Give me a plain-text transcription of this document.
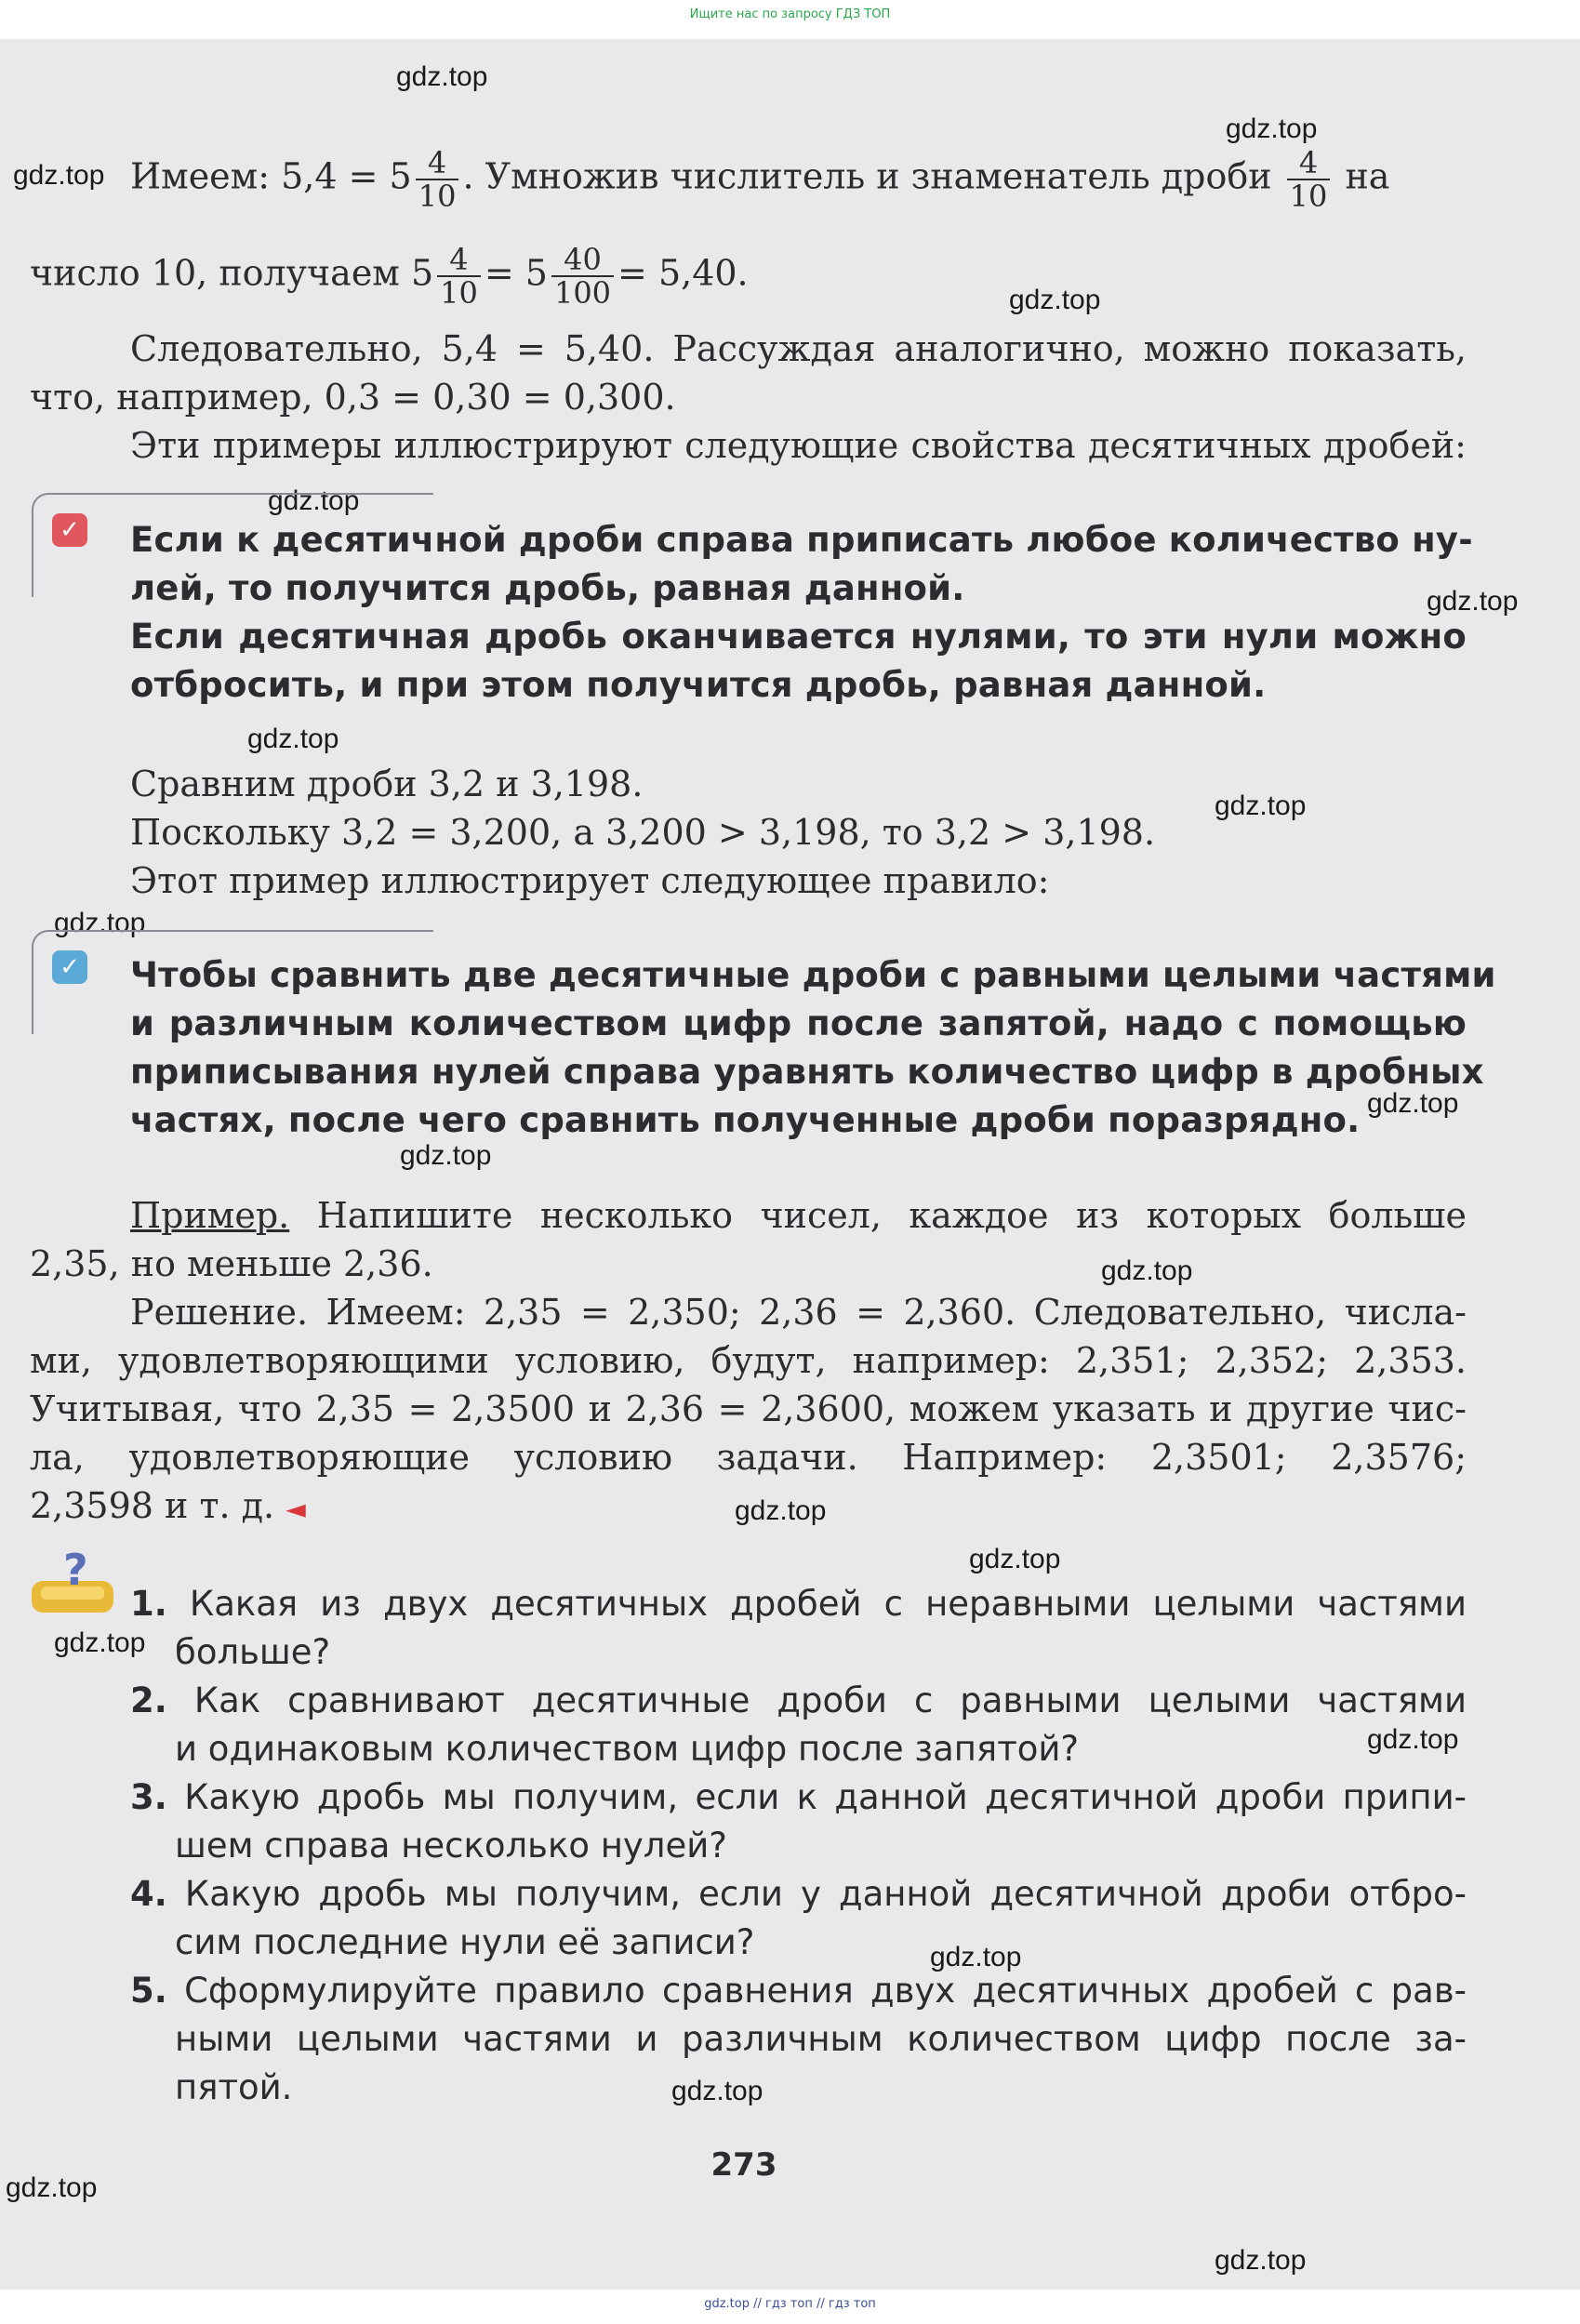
Ищите нас по запросу ГДЗ ТОП
gdz.top
gdz.top
gdz.top
gdz.top
gdz.top
gdz.top
gdz.top
gdz.top
gdz.top
gdz.top
gdz.top
gdz.top
gdz.top
gdz.top
gdz.top
gdz.top
gdz.top
gdz.top
gdz.top
gdz.top
Имеем: $5,4 = 5 \frac{4}{10}$ . Умножив числитель и знаменатель дроби $\frac{4}{10}$ на
число 10, получаем $5 \frac{4}{10} = 5 \frac{40}{100} = 5,40$.
Следовательно, 5,4 = 5,40. Рассуждая аналогично, можно показать,
что, например, 0,3 = 0,30 = 0,300.
Эти примеры иллюстрируют следующие свойства десятичных дробей:
✓ Если к десятичной дроби справа приписать любое количество ну-
лей, то получится дробь, равная данной.
Если десятичная дробь оканчивается нулями, то эти нули можно
отбросить, и при этом получится дробь, равная данной.
Сравним дроби 3,2 и 3,198.
Поскольку 3,2 = 3,200, а 3,200 > 3,198, то 3,2 > 3,198.
Этот пример иллюстрирует следующее правило:
✓ Чтобы сравнить две десятичные дроби с равными целыми частями
и различным количеством цифр после запятой, надо с помощью
приписывания нулей справа уравнять количество цифр в дробных
частях, после чего сравнить полученные дроби поразрядно.
Пример. Напишите несколько чисел, каждое из которых больше
2,35, но меньше 2,36.
Решение. Имеем: 2,35 = 2,350; 2,36 = 2,360. Следовательно, числа-
ми, удовлетворяющими условию, будут, например: 2,351; 2,352; 2,353.
Учитывая, что 2,35 = 2,3500 и 2,36 = 2,3600, можем указать и другие чис-
ла, удовлетворяющие условию задачи. Например: 2,3501; 2,3576;
2,3598 и т. д. ◄
?
1. Какая из двух десятичных дробей с неравными целыми частями
больше?
2. Как сравнивают десятичные дроби с равными целыми частями
и одинаковым количеством цифр после запятой?
3. Какую дробь мы получим, если к данной десятичной дроби припи-
шем справа несколько нулей?
4. Какую дробь мы получим, если у данной десятичной дроби отбро-
сим последние нули её записи?
5. Сформулируйте правило сравнения двух десятичных дробей с рав-
ными целыми частями и различным количеством цифр после за-
пятой.
273
gdz.top // гдз топ // гдз топ
